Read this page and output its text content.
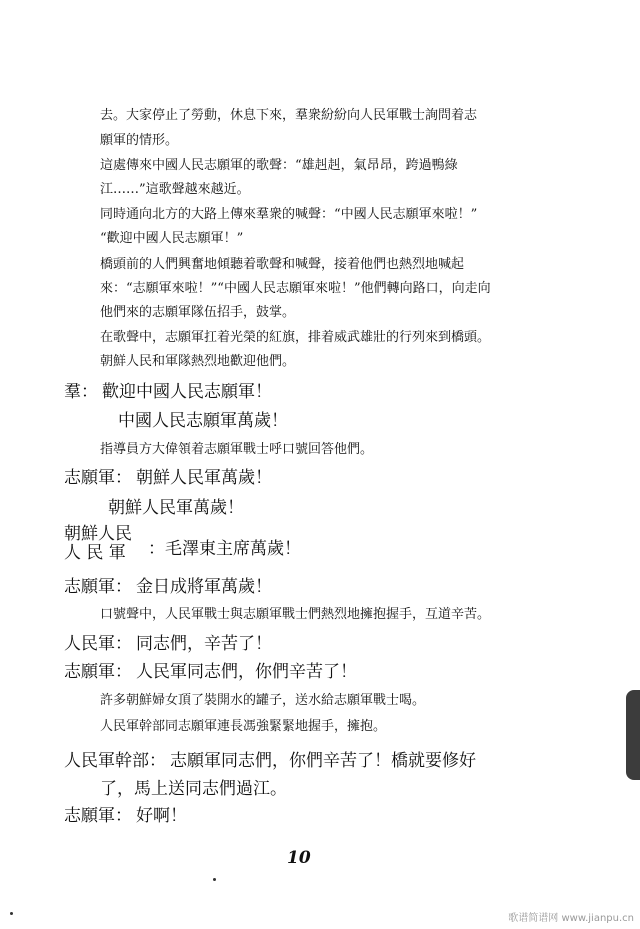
去。大家停止了勞動，休息下來，羣衆紛紛向人民軍戰士詢問着志
願軍的情形。
這處傳來中國人民志願軍的歌聲：“雄赳赳，氣昂昂，跨過鴨綠
江……”這歌聲越來越近。
同時通向北方的大路上傳來羣衆的喊聲：“中國人民志願軍來啦！”
“歡迎中國人民志願軍！”
橋頭前的人們興奮地傾聽着歌聲和喊聲，接着他們也熱烈地喊起
來：“志願軍來啦！”“中國人民志願軍來啦！”他們轉向路口，向走向
他們來的志願軍隊伍招手，鼓掌。
在歌聲中，志願軍扛着光榮的紅旗，排着威武雄壯的行列來到橋頭。
朝鮮人民和軍隊熱烈地歡迎他們。
羣： 歡迎中國人民志願軍！
中國人民志願軍萬歲！
指導員方大偉領着志願軍戰士呼口號回答他們。
志願軍： 朝鮮人民軍萬歲！
朝鮮人民軍萬歲！
朝鮮人民
人 民 軍 ：毛澤東主席萬歲！
志願軍： 金日成將軍萬歲！
口號聲中，人民軍戰士與志願軍戰士們熱烈地擁抱握手，互道辛苦。
人民軍： 同志們，辛苦了！
志願軍： 人民軍同志們，你們辛苦了！
許多朝鮮婦女頂了裝開水的罐子，送水給志願軍戰士喝。
人民軍幹部同志願軍連長馮強緊緊地握手，擁抱。
人民軍幹部： 志願軍同志們，你們辛苦了！橋就要修好
了，馬上送同志們過江。
志願軍： 好啊！
10
歌谱简谱网 www.jianpu.cn
